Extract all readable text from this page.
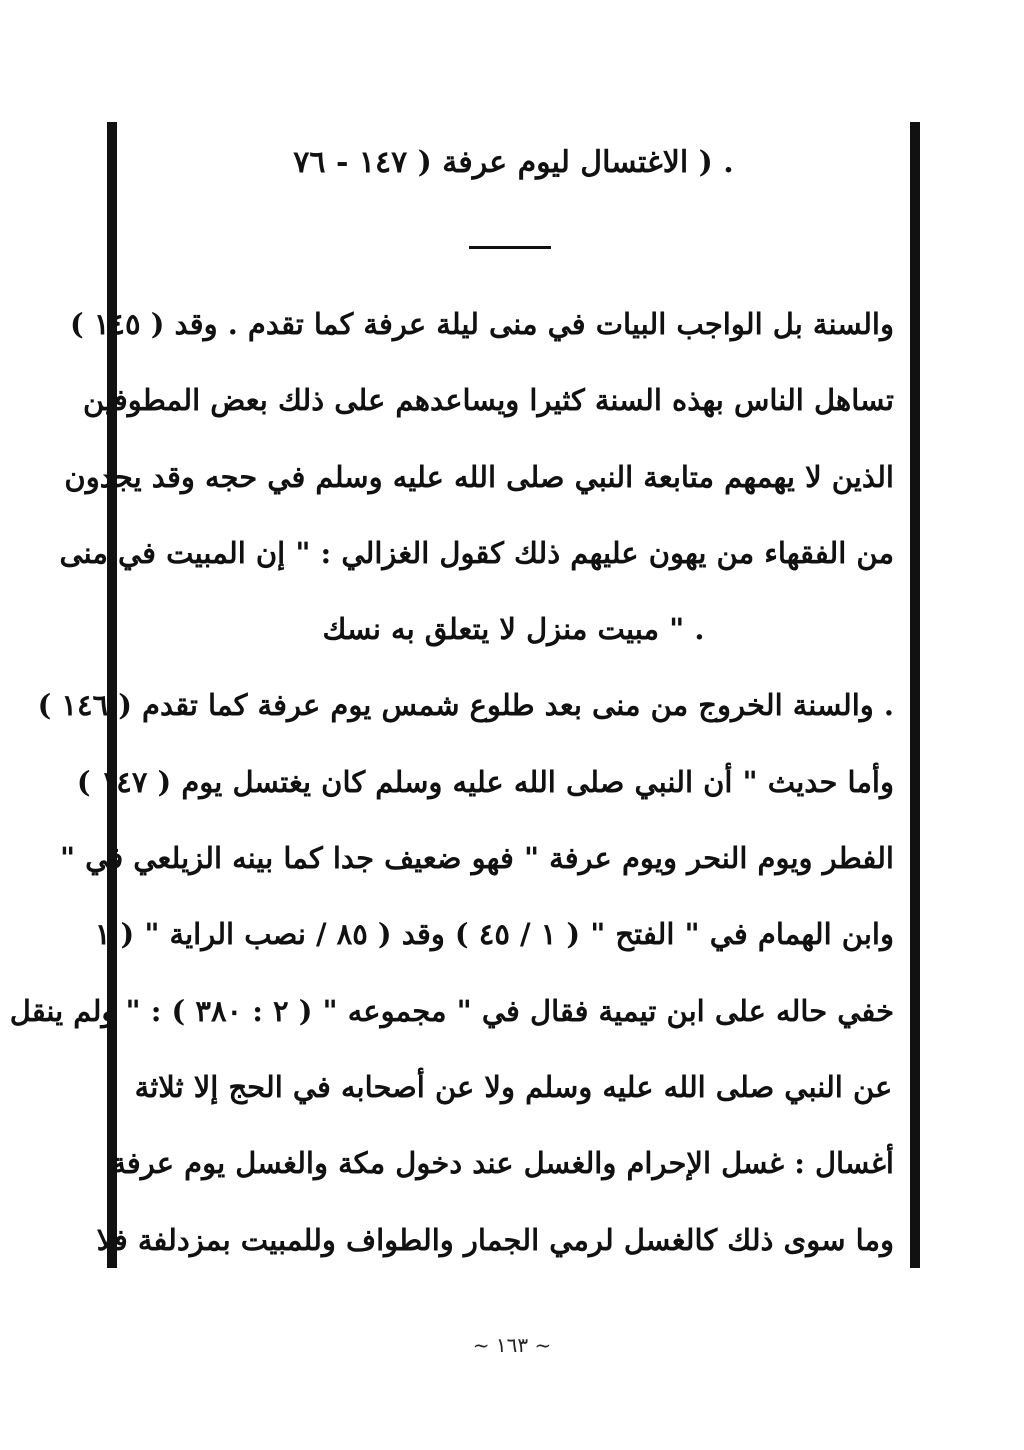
. ( الاغتسال ليوم عرفة ( ١٤٧ - ٧٦
والسنة بل الواجب البيات في منى ليلة عرفة كما تقدم . وقد ( ١٤٥ )
تساهل الناس بهذه السنة كثيرا ويساعدهم على ذلك بعض المطوفين
الذين لا يهمهم متابعة النبي صلى الله عليه وسلم في حجه وقد يجدون
من الفقهاء من يهون عليهم ذلك كقول الغزالي : " إن المبيت في منى
. " مبيت منزل لا يتعلق به نسك
. والسنة الخروج من منى بعد طلوع شمس يوم عرفة كما تقدم ( ١٤٦ )
وأما حديث " أن النبي صلى الله عليه وسلم كان يغتسل يوم ( ١٤٧ )
الفطر ويوم النحر ويوم عرفة " فهو ضعيف جدا كما بينه الزيلعي في "
وابن الهمام في " الفتح " ( ١ / ٤٥ ) وقد ( ٨٥ / نصب الراية " ( ١
خفي حاله على ابن تيمية فقال في " مجموعه " ( ٢ : ٣٨٠ ) : " ولم ينقل
عن النبي صلى الله عليه وسلم ولا عن أصحابه في الحج إلا ثلاثة
أغسال : غسل الإحرام والغسل عند دخول مكة والغسل يوم عرفة
وما سوى ذلك كالغسل لرمي الجمار والطواف وللمبيت بمزدلفة فلا
~ ١٦٣ ~
